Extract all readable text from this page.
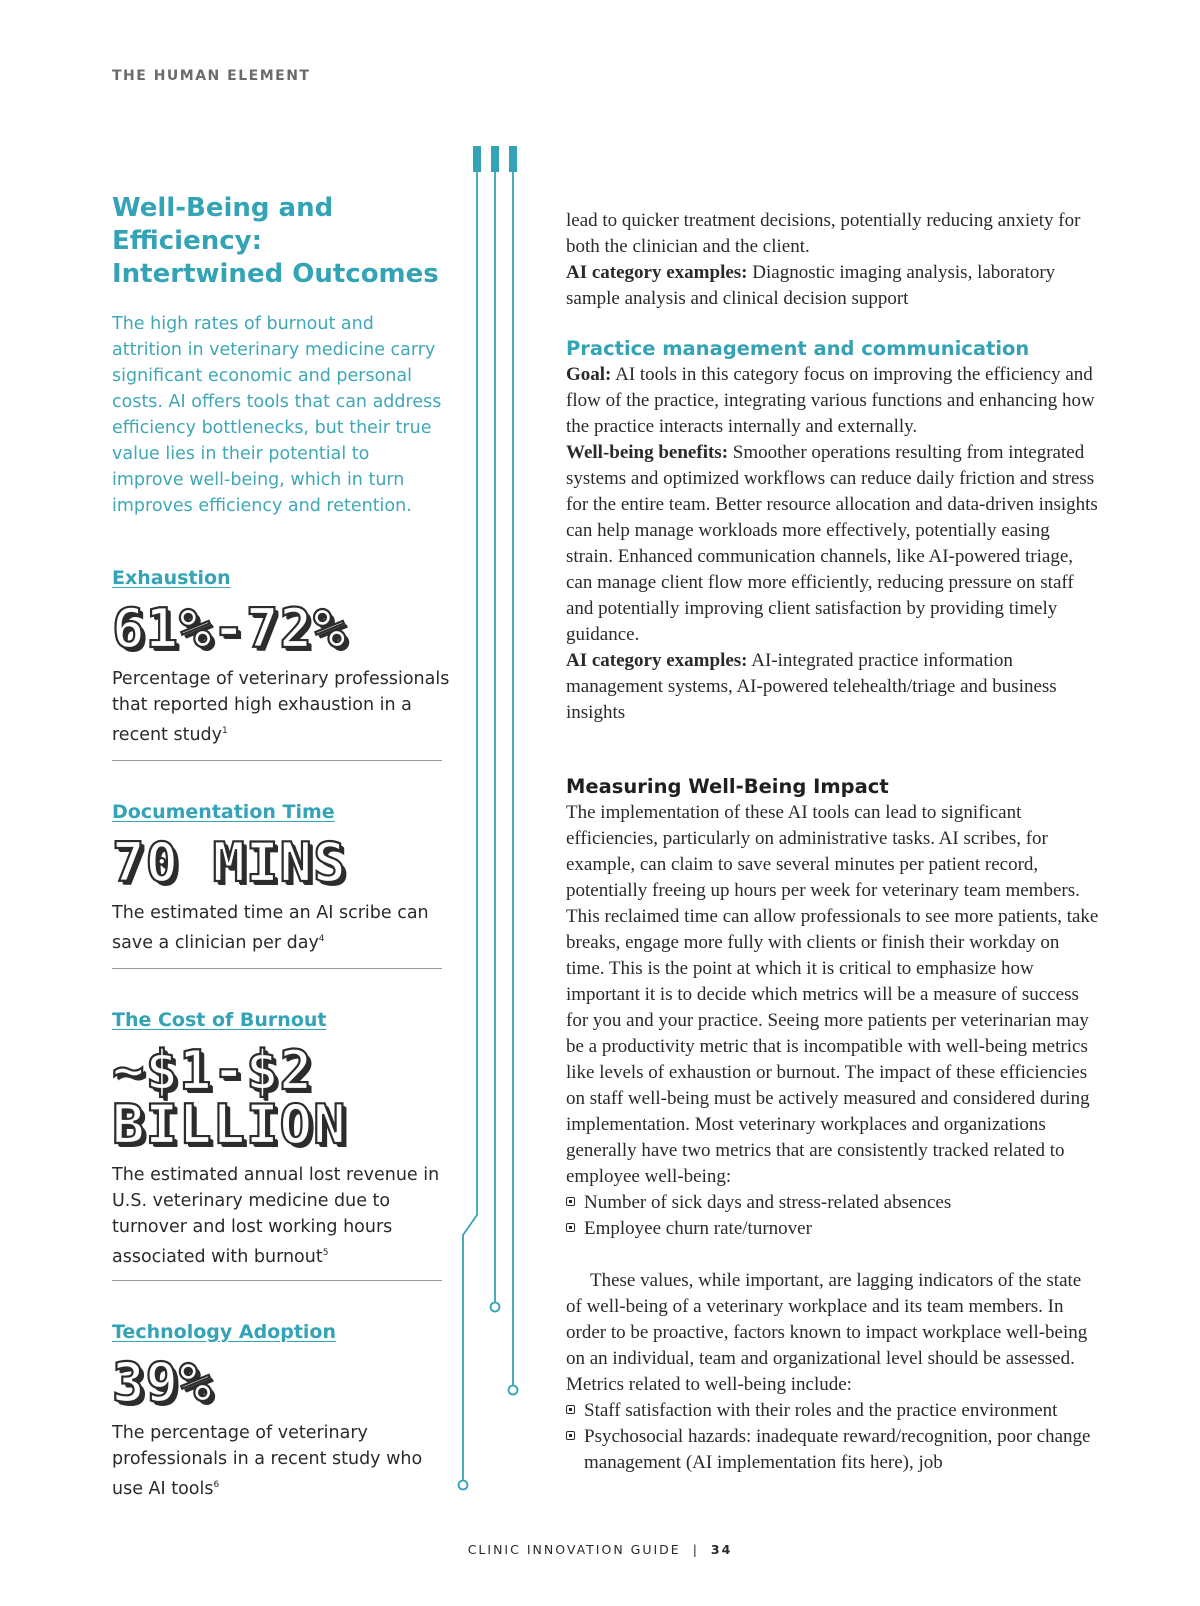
THE HUMAN ELEMENT
Well-Being and Efficiency: Intertwined Outcomes

The high rates of burnout and attrition in veterinary medicine carry significant economic and personal costs. AI offers tools that can address efficiency bottlenecks, but their true value lies in their potential to improve well-being, which in turn improves efficiency and retention.

Exhaustion

61%-72%

Percentage of veterinary professionals that reported high exhaustion in a recent study$^1$

Documentation Time

70 MINS

The estimated time an AI scribe can save a clinician per day$^4$

The Cost of Burnout

~$1-$2

BILLION

The estimated annual lost revenue in U.S. veterinary medicine due to turnover and lost working hours associated with burnout$^5$

Technology Adoption

39%

The percentage of veterinary professionals in a recent study who use AI tools$^6$

lead to quicker treatment decisions, potentially reducing anxiety for both the clinician and the client.

AI category examples: Diagnostic imaging analysis, laboratory sample analysis and clinical decision support

Practice management and communication

Goal: AI tools in this category focus on improving the efficiency and flow of the practice, integrating various functions and enhancing how the practice interacts internally and externally.

Well-being benefits: Smoother operations resulting from integrated systems and optimized workflows can reduce daily friction and stress for the entire team. Better resource allocation and data-driven insights can help manage workloads more effectively, potentially easing strain. Enhanced communication channels, like AI-powered triage, can manage client flow more efficiently, reducing pressure on staff and potentially improving client satisfaction by providing timely guidance.

AI category examples: AI-integrated practice information management systems, AI-powered telehealth/triage and business insights

Measuring Well-Being Impact

The implementation of these AI tools can lead to significant efficiencies, particularly on administrative tasks. AI scribes, for example, can claim to save several minutes per patient record, potentially freeing up hours per week for veterinary team members. This reclaimed time can allow professionals to see more patients, take breaks, engage more fully with clients or finish their workday on time. This is the point at which it is critical to emphasize how important it is to decide which metrics will be a measure of success for you and your practice. Seeing more patients per veterinarian may be a productivity metric that is incompatible with well-being metrics like levels of exhaustion or burnout. The impact of these efficiencies on staff well-being must be actively measured and considered during implementation. Most veterinary workplaces and organizations generally have two metrics that are consistently tracked related to employee well-being:

Number of sick days and stress-related absences
Employee churn rate/turnover

These values, while important, are lagging indicators of the state of well-being of a veterinary workplace and its team members. In order to be proactive, factors known to impact workplace well-being on an individual, team and organizational level should be assessed. Metrics related to well-being include:

Staff satisfaction with their roles and the practice environment
Psychosocial hazards: inadequate reward/recognition, poor change management (AI implementation fits here), job
CLINIC INNOVATION GUIDE | 34
